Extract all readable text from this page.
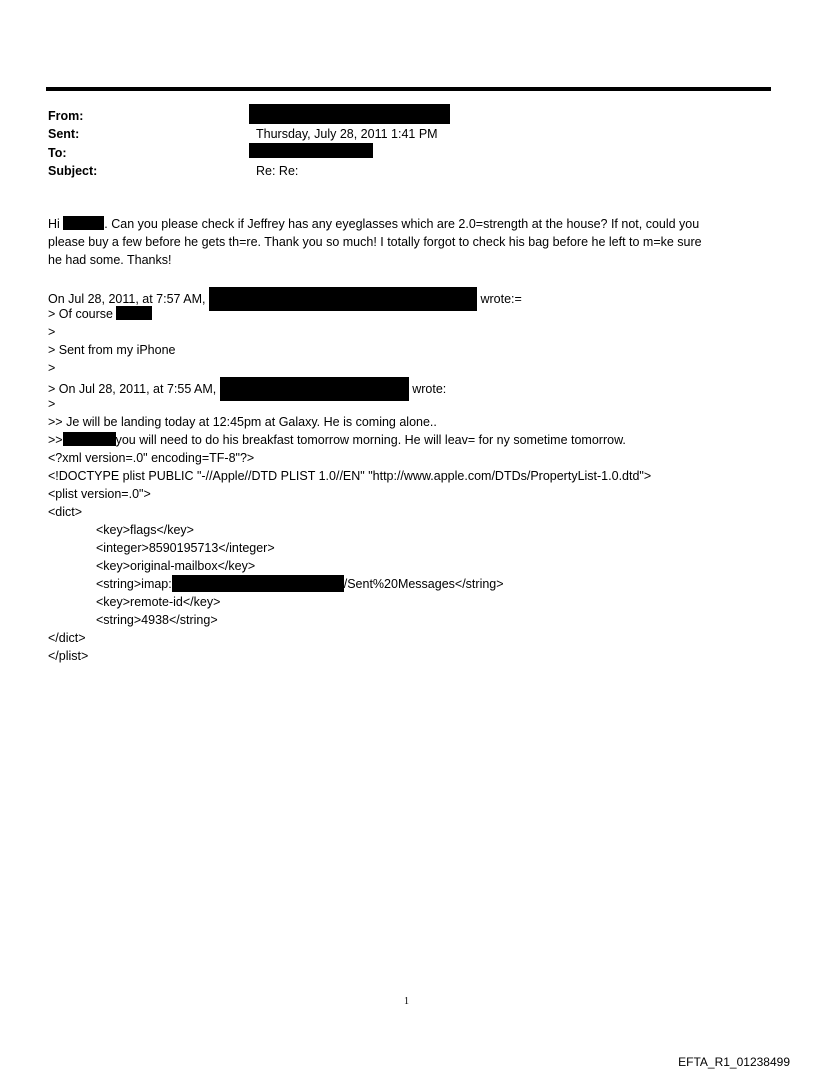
From:
Sent:	Thursday, July 28, 2011 1:41 PM
To:
Subject:	Re: Re:
Hi	. Can you please check if Jeffrey has any eyeglasses which are 2.0=strength at the house? If not, could you
please buy a few before he gets th=re. Thank you so much! I totally forgot to check his bag before he left to m=ke sure
he had some. Thanks!
On Jul 28, 2011, at 7:57 AM,	wrote:=
> Of course
>
> Sent from my iPhone
>
> On Jul 28, 2011, at 7:55 AM,	wrote:
>
>> Je will be landing today at 12:45pm at Galaxy. He is coming alone..
>>	you will need to do his breakfast tomorrow morning. He will leav= for ny sometime tomorrow.
<?xml version=.0" encoding=TF-8"?>
<!DOCTYPE plist PUBLIC "-//Apple//DTD PLIST 1.0//EN" "http://www.apple.com/DTDs/PropertyList-1.0.dtd">
<plist version=.0">
<dict>
<key>flags</key>
<integer>8590195713</integer>
<key>original-mailbox</key>
<string>imap:	/Sent%20Messages</string>
<key>remote-id</key>
<string>4938</string>
</dict>
</plist>
1
EFTA_R1_01238499
